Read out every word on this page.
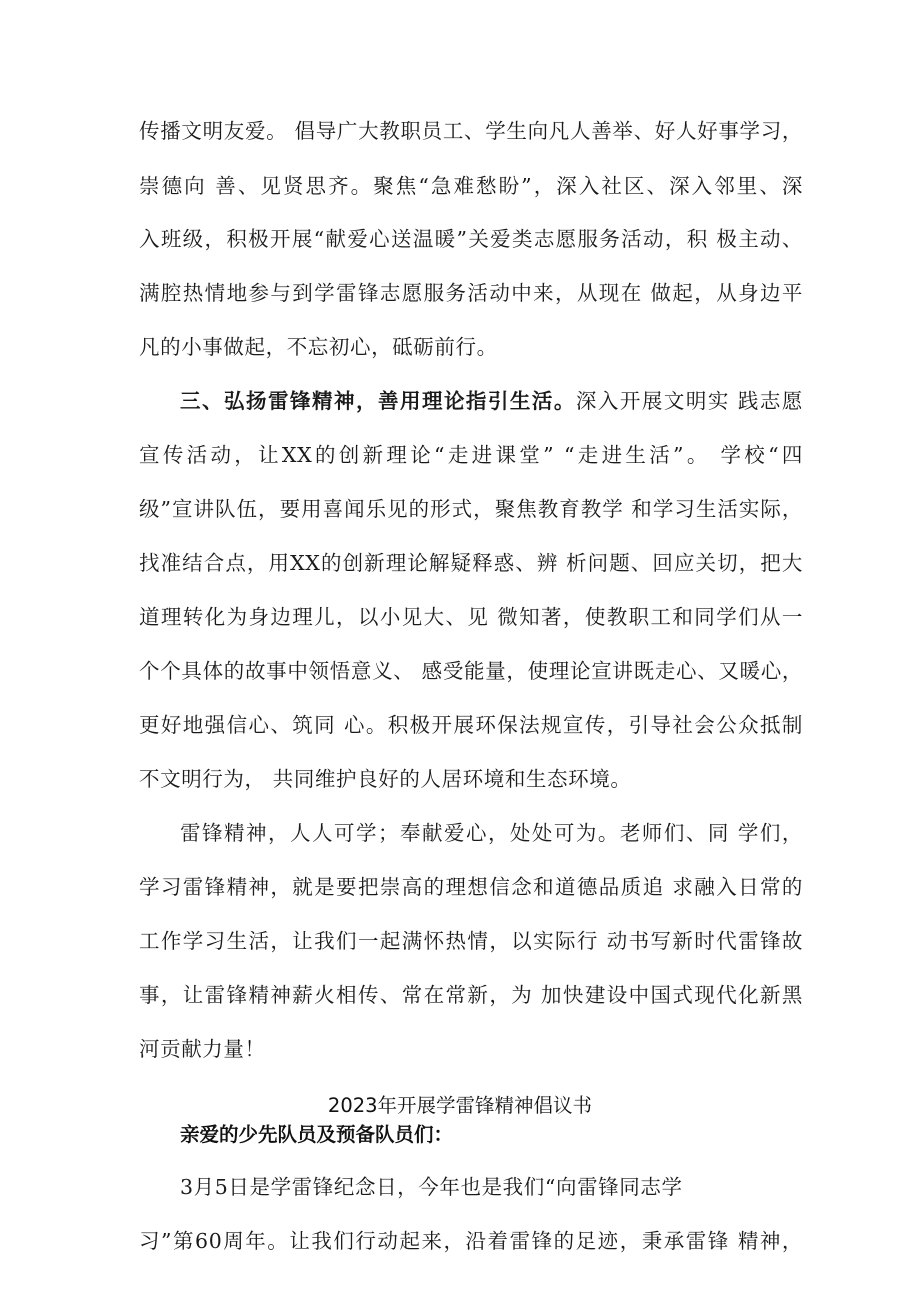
传播文明友爱。 倡导广大教职员工、学生向凡人善举、好人好事学习，
崇德向 善、见贤思齐。聚焦“急难愁盼”，深入社区、深入邻里、深
入班级，积极开展“献爱心送温暖”关爱类志愿服务活动，积 极主动、
满腔热情地参与到学雷锋志愿服务活动中来，从现在 做起，从身边平
凡的小事做起，不忘初心，砥砺前行。
三、弘扬雷锋精神，善用理论指引生活。深入开展文明实 践志愿
宣传活动，让XX的创新理论“走进课堂” “走进生活”。 学校“四
级”宣讲队伍，要用喜闻乐见的形式，聚焦教育教学 和学习生活实际，
找准结合点，用XX的创新理论解疑释惑、辨 析问题、回应关切，把大
道理转化为身边理儿，以小见大、见 微知著，使教职工和同学们从一
个个具体的故事中领悟意义、 感受能量，使理论宣讲既走心、又暖心，
更好地强信心、筑同 心。积极开展环保法规宣传，引导社会公众抵制
不文明行为， 共同维护良好的人居环境和生态环境。
雷锋精神，人人可学；奉献爱心，处处可为。老师们、同 学们，
学习雷锋精神，就是要把崇高的理想信念和道德品质追 求融入日常的
工作学习生活，让我们一起满怀热情，以实际行 动书写新时代雷锋故
事，让雷锋精神薪火相传、常在常新，为 加快建设中国式现代化新黑
河贡献力量！
2023年开展学雷锋精神倡议书
亲爱的少先队员及预备队员们：
3月5日是学雷锋纪念日，今年也是我们“向雷锋同志学
习”第60周年。让我们行动起来，沿着雷锋的足迹，秉承雷锋 精神，
